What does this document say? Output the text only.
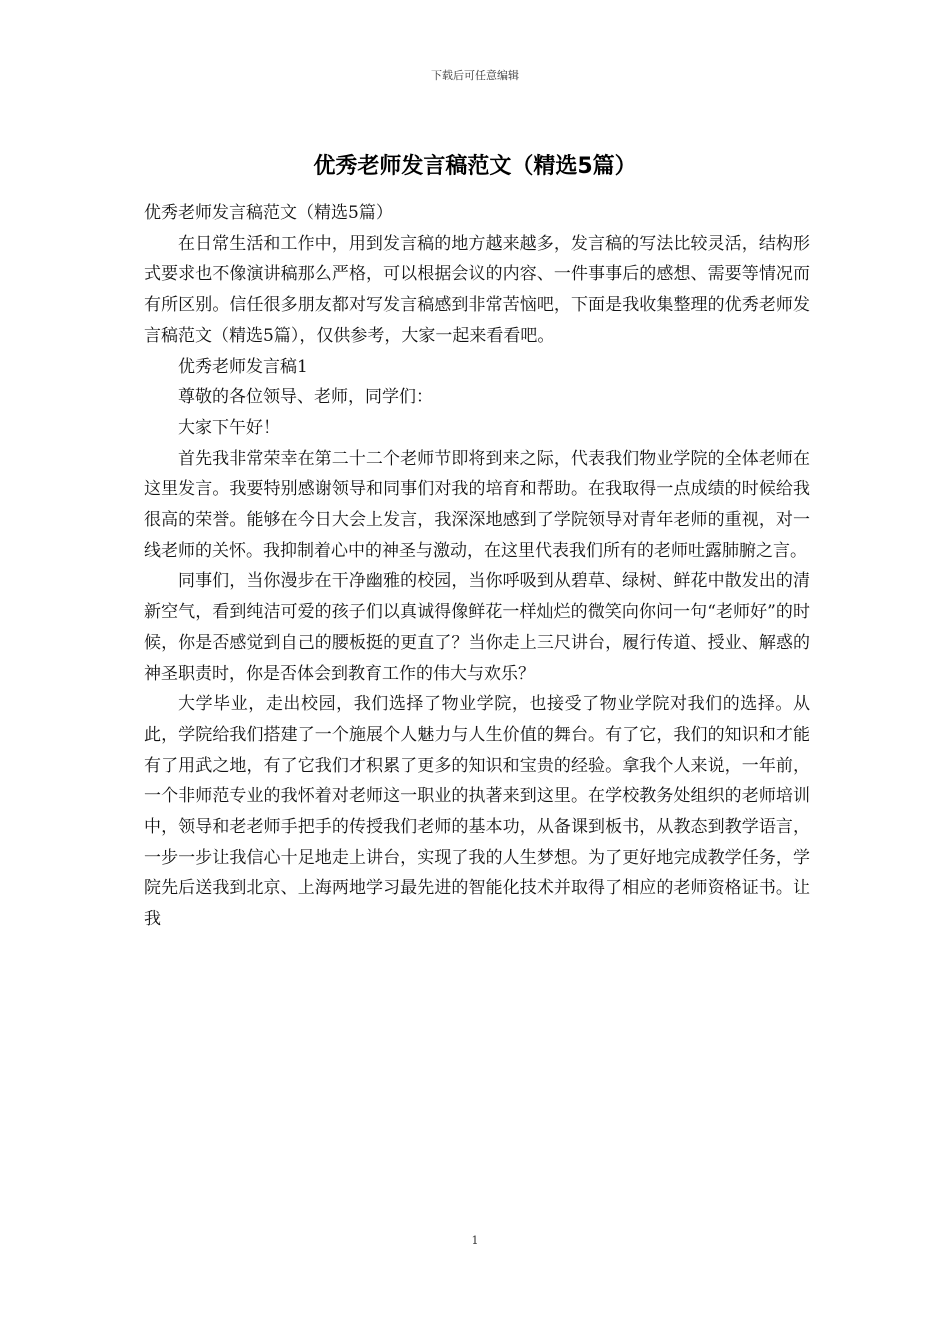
下载后可任意编辑
优秀老师发言稿范文（精选5篇）

优秀老师发言稿范文（精选5篇）

在日常生活和工作中，用到发言稿的地方越来越多，发言稿的写法比较灵活，结构形式要求也不像演讲稿那么严格，可以根据会议的内容、一件事事后的感想、需要等情况而有所区别。信任很多朋友都对写发言稿感到非常苦恼吧，下面是我收集整理的优秀老师发言稿范文（精选5篇），仅供参考，大家一起来看看吧。

优秀老师发言稿1

尊敬的各位领导、老师，同学们：

大家下午好！

首先我非常荣幸在第二十二个老师节即将到来之际，代表我们物业学院的全体老师在这里发言。我要特别感谢领导和同事们对我的培育和帮助。在我取得一点成绩的时候给我很高的荣誉。能够在今日大会上发言，我深深地感到了学院领导对青年老师的重视，对一线老师的关怀。我抑制着心中的神圣与激动，在这里代表我们所有的老师吐露肺腑之言。

同事们，当你漫步在干净幽雅的校园，当你呼吸到从碧草、绿树、鲜花中散发出的清新空气，看到纯洁可爱的孩子们以真诚得像鲜花一样灿烂的微笑向你问一句“老师好”的时候，你是否感觉到自己的腰板挺的更直了？当你走上三尺讲台，履行传道、授业、解惑的神圣职责时，你是否体会到教育工作的伟大与欢乐？

大学毕业，走出校园，我们选择了物业学院，也接受了物业学院对我们的选择。从此，学院给我们搭建了一个施展个人魅力与人生价值的舞台。有了它，我们的知识和才能有了用武之地，有了它我们才积累了更多的知识和宝贵的经验。拿我个人来说，一年前，一个非师范专业的我怀着对老师这一职业的执著来到这里。在学校教务处组织的老师培训中，领导和老老师手把手的传授我们老师的基本功，从备课到板书，从教态到教学语言，一步一步让我信心十足地走上讲台，实现了我的人生梦想。为了更好地完成教学任务，学院先后送我到北京、上海两地学习最先进的智能化技术并取得了相应的老师资格证书。让我

1
